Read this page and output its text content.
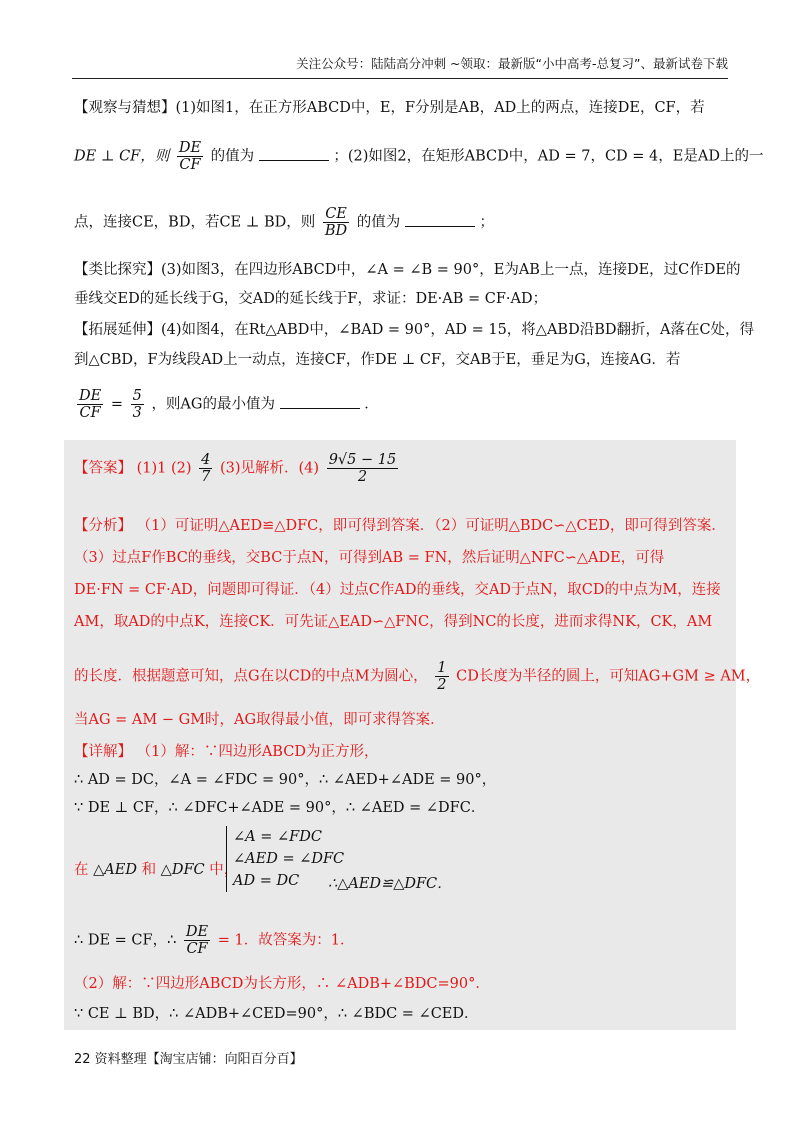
关注公众号：陆陆高分冲刺 ~领取：最新版“小中高考-总复习”、最新试卷下载
【观察与猜想】(1)如图1，在正方形ABCD中，E，F分别是AB，AD上的两点，连接DE，CF，若
DE ⊥ CF，则 $\frac{DE}{CF}$ 的值为	；(2)如图2，在矩形ABCD中，AD = 7，CD = 4，E是AD上的一
点，连接CE，BD，若CE ⊥ BD，则 $\frac{CE}{BD}$ 的值为	；
【类比探究】(3)如图3，在四边形ABCD中，∠A = ∠B = 90°，E为AB上一点，连接DE，过C作DE的
垂线交ED的延长线于G，交AD的延长线于F，求证：DE·AB = CF·AD；
【拓展延伸】(4)如图4，在Rt△ABD中，∠BAD = 90°，AD = 15，将△ABD沿BD翻折，A落在C处，得
到△CBD，F为线段AD上一动点，连接CF，作DE ⊥ CF，交AB于E，垂足为G，连接AG．若
$\frac{DE}{CF} = \frac{5}{3}$ ，则AG的最小值为	．
【答案】 (1)1 $(2) \frac{4}{7} (3)$见解析．$(4) \frac{9√5 - 15}{2}$
【分析】 （1）可证明△AED≌△DFC，即可得到答案．（2）可证明△BDC∽△CED，即可得到答案．
（3）过点F作BC的垂线，交BC于点N，可得到AB = FN，然后证明△NFC∽△ADE，可得
DE·FN = CF·AD，问题即可得证．（4）过点C作AD的垂线，交AD于点N，取CD的中点为M，连接
AM，取AD的中点K，连接CK．可先证△EAD∽△FNC，得到NC的长度，进而求得NK，CK，AM
的长度．根据题意可知，点G在以CD的中点M为圆心， $\frac{1}{2}$ CD长度为半径的圆上，可知AG+GM ≥ AM，
当AG = AM − GM时，AG取得最小值，即可求得答案．
【详解】 （1）解：∵四边形ABCD为正方形，
∴ AD = DC，∠A = ∠FDC = 90°，∴ ∠AED+∠ADE = 90°，
∵ DE ⊥ CF，∴ ∠DFC+∠ADE = 90°，∴ ∠AED = ∠DFC．
在 △AED 和 △DFC 中，
∠A = ∠FDC
∠AED = ∠DFC
AD = DC	∴△AED≌△DFC．
∴ DE = CF，∴ $\frac{DE}{CF} = 1$．故答案为：1．
（2）解：∵四边形ABCD为长方形，∴ ∠ADB+∠BDC=90°．
∵ CE ⊥ BD，∴ ∠ADB+∠CED=90°，∴ ∠BDC = ∠CED．
22 资料整理【淘宝店铺：向阳百分百】
